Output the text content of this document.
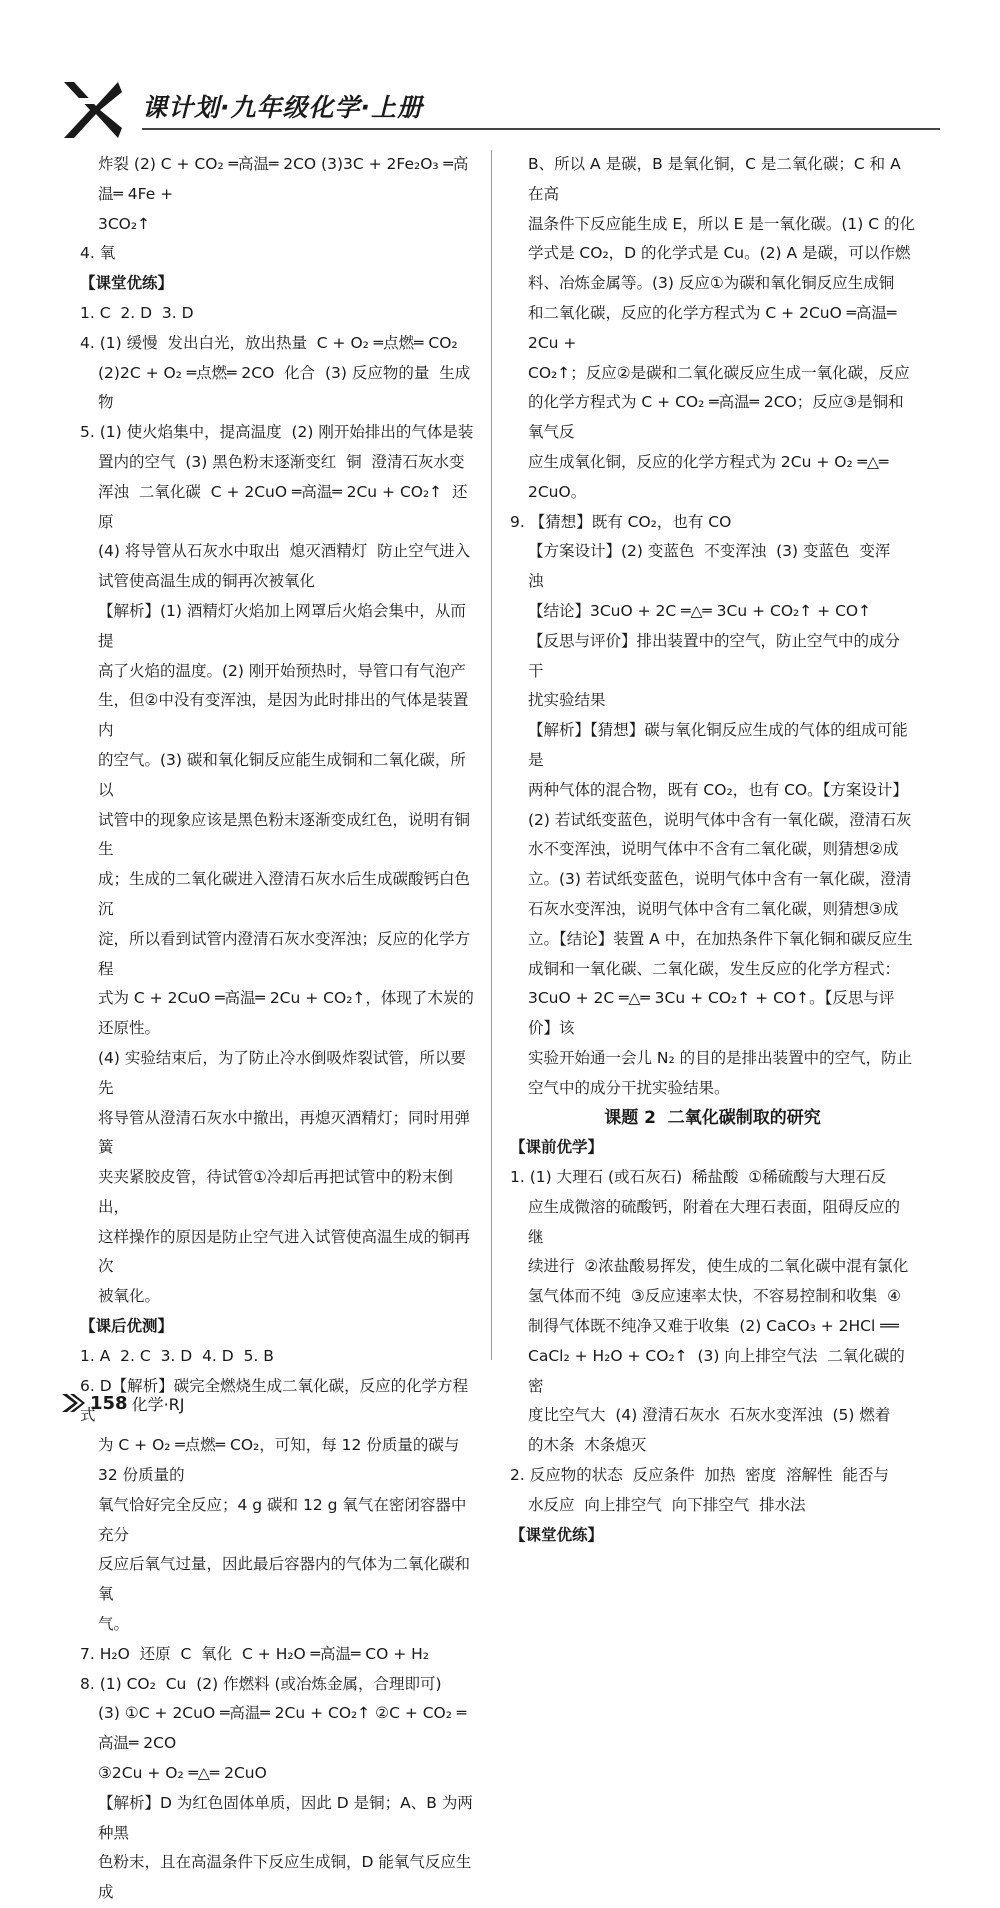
课计划·九年级化学·上册

炸裂 (2) C + CO₂ ═高温═ 2CO (3)3C + 2Fe₂O₃ ═高温═ 4Fe +

3CO₂↑

4. 氧

【课堂优练】

1. C  2. D  3. D

4. (1) 缓慢  发出白光，放出热量  C + O₂ ═点燃═ CO₂

(2)2C + O₂ ═点燃═ 2CO  化合  (3) 反应物的量  生成物

5. (1) 使火焰集中，提高温度  (2) 刚开始排出的气体是装

置内的空气  (3) 黑色粉末逐渐变红  铜  澄清石灰水变

浑浊  二氧化碳  C + 2CuO ═高温═ 2Cu + CO₂↑  还原

(4) 将导管从石灰水中取出  熄灭酒精灯  防止空气进入

试管使高温生成的铜再次被氧化

【解析】(1) 酒精灯火焰加上网罩后火焰会集中，从而提

高了火焰的温度。(2) 刚开始预热时，导管口有气泡产

生，但②中没有变浑浊，是因为此时排出的气体是装置内

的空气。(3) 碳和氧化铜反应能生成铜和二氧化碳，所以

试管中的现象应该是黑色粉末逐渐变成红色，说明有铜生

成；生成的二氧化碳进入澄清石灰水后生成碳酸钙白色沉

淀，所以看到试管内澄清石灰水变浑浊；反应的化学方程

式为 C + 2CuO ═高温═ 2Cu + CO₂↑，体现了木炭的还原性。

(4) 实验结束后，为了防止冷水倒吸炸裂试管，所以要先

将导管从澄清石灰水中撤出，再熄灭酒精灯；同时用弹簧

夹夹紧胶皮管，待试管①冷却后再把试管中的粉末倒出，

这样操作的原因是防止空气进入试管使高温生成的铜再次

被氧化。

【课后优测】

1. A  2. C  3. D  4. D  5. B

6. D【解析】碳完全燃烧生成二氧化碳，反应的化学方程式

为 C + O₂ ═点燃═ CO₂，可知，每 12 份质量的碳与 32 份质量的

氧气恰好完全反应；4 g 碳和 12 g 氧气在密闭容器中充分

反应后氧气过量，因此最后容器内的气体为二氧化碳和氧

气。

7. H₂O  还原  C  氧化  C + H₂O ═高温═ CO + H₂

8. (1) CO₂  Cu  (2) 作燃料 (或冶炼金属，合理即可)

(3) ①C + 2CuO ═高温═ 2Cu + CO₂↑ ②C + CO₂ ═高温═ 2CO

③2Cu + O₂ ═△═ 2CuO

【解析】D 为红色固体单质，因此 D 是铜；A、B 为两种黑

色粉末，且在高温条件下反应生成铜，D 能氧气反应生成

B、所以 A 是碳，B 是氧化铜，C 是二氧化碳；C 和 A 在高

温条件下反应能生成 E，所以 E 是一氧化碳。(1) C 的化

学式是 CO₂，D 的化学式是 Cu。(2) A 是碳，可以作燃

料、冶炼金属等。(3) 反应①为碳和氧化铜反应生成铜

和二氧化碳，反应的化学方程式为 C + 2CuO ═高温═ 2Cu +

CO₂↑；反应②是碳和二氧化碳反应生成一氧化碳，反应

的化学方程式为 C + CO₂ ═高温═ 2CO；反应③是铜和氧气反

应生成氧化铜，反应的化学方程式为 2Cu + O₂ ═△═

2CuO。

9. 【猜想】既有 CO₂，也有 CO

【方案设计】(2) 变蓝色  不变浑浊  (3) 变蓝色  变浑

浊

【结论】3CuO + 2C ═△═ 3Cu + CO₂↑ + CO↑

【反思与评价】排出装置中的空气，防止空气中的成分干

扰实验结果

【解析】【猜想】碳与氧化铜反应生成的气体的组成可能是

两种气体的混合物，既有 CO₂，也有 CO。【方案设计】

(2) 若试纸变蓝色，说明气体中含有一氧化碳，澄清石灰

水不变浑浊，说明气体中不含有二氧化碳，则猜想②成

立。(3) 若试纸变蓝色，说明气体中含有一氧化碳，澄清

石灰水变浑浊，说明气体中含有二氧化碳，则猜想③成

立。【结论】装置 A 中，在加热条件下氧化铜和碳反应生

成铜和一氧化碳、二氧化碳，发生反应的化学方程式：

3CuO + 2C ═△═ 3Cu + CO₂↑ + CO↑。【反思与评价】该

实验开始通一会儿 N₂ 的目的是排出装置中的空气，防止

空气中的成分干扰实验结果。

课题 2  二氧化碳制取的研究

【课前优学】

1. (1) 大理石 (或石灰石)  稀盐酸  ①稀硫酸与大理石反

应生成微溶的硫酸钙，附着在大理石表面，阻碍反应的继

续进行  ②浓盐酸易挥发，使生成的二氧化碳中混有氯化

氢气体而不纯  ③反应速率太快，不容易控制和收集  ④

制得气体既不纯净又难于收集  (2) CaCO₃ + 2HCl ══

CaCl₂ + H₂O + CO₂↑  (3) 向上排空气法  二氧化碳的密

度比空气大  (4) 澄清石灰水  石灰水变浑浊  (5) 燃着

的木条  木条熄灭

2. 反应物的状态  反应条件  加热  密度  溶解性  能否与

水反应  向上排空气  向下排空气  排水法

【课堂优练】

158 化学·RJ
